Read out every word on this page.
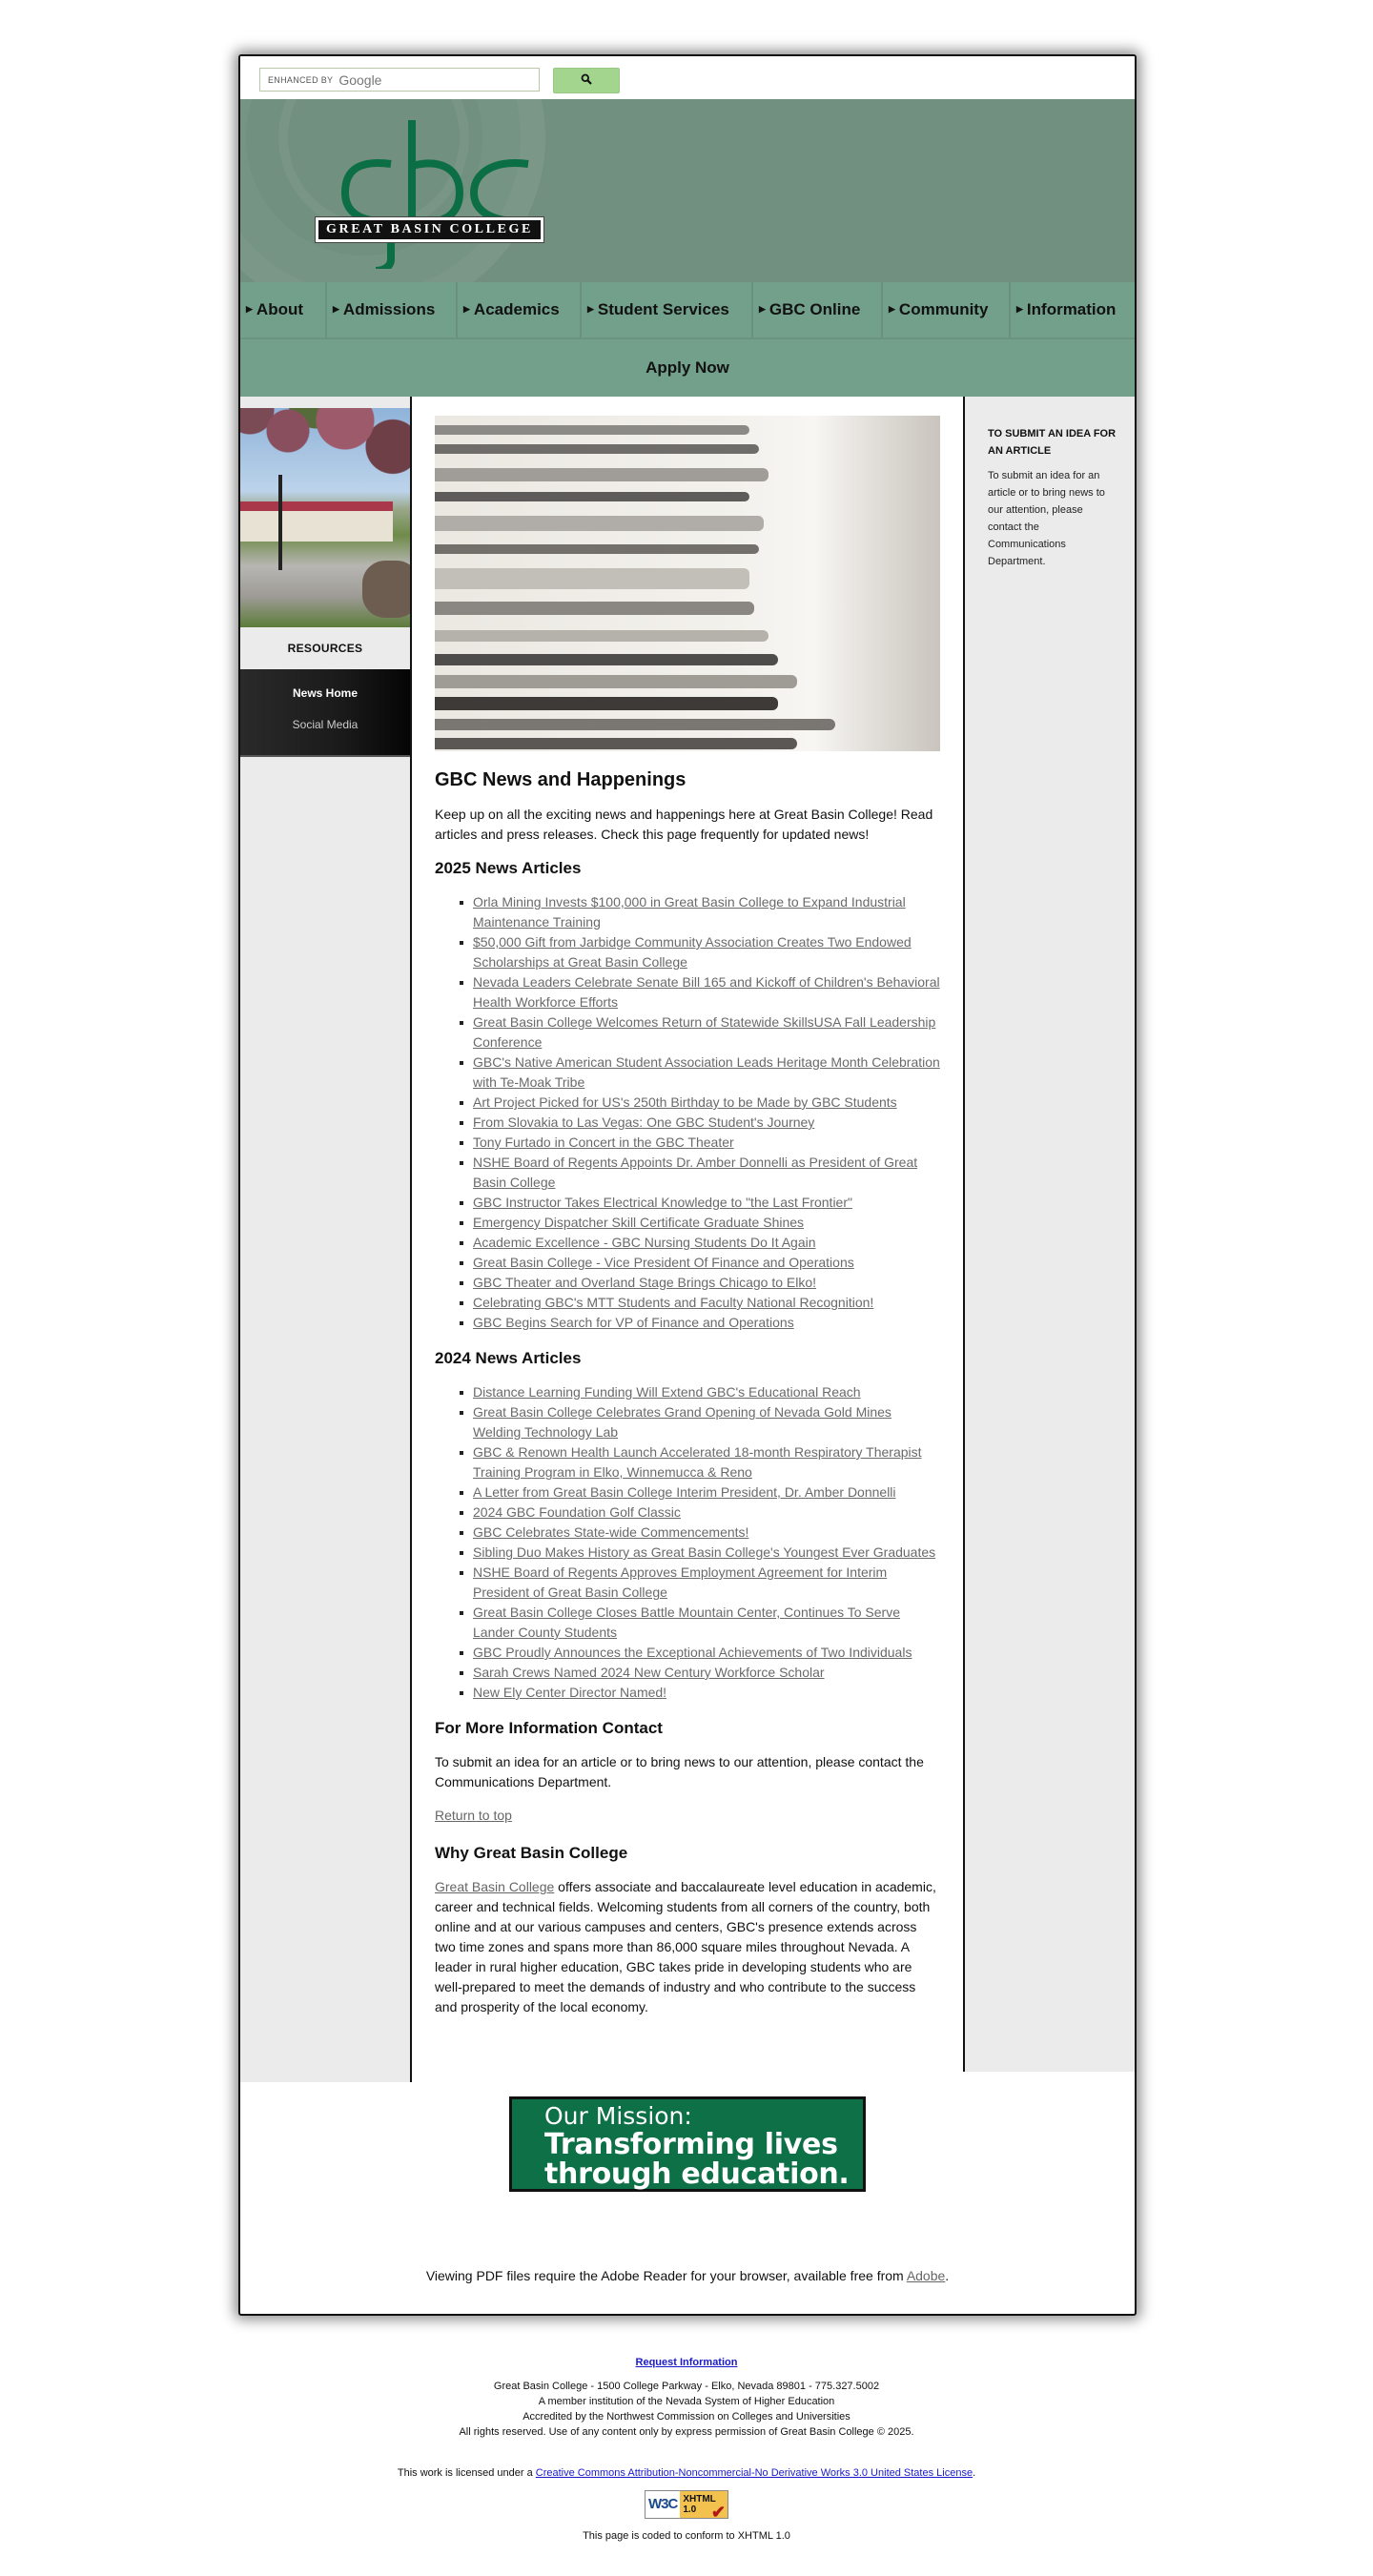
ENHANCED BY Google
GREAT BASIN COLLEGE
▶ About	▶ Admissions	▶ Academics	▶ Student Services	▶ GBC Online	▶ Community	▶ Information
Apply Now
RESOURCES
News Home
Social Media
GBC News and Happenings

Keep up on all the exciting news and happenings here at Great Basin College! Read articles and press releases. Check this page frequently for updated news!

2025 News Articles
Orla Mining Invests $100,000 in Great Basin College to Expand Industrial Maintenance Training
$50,000 Gift from Jarbidge Community Association Creates Two Endowed Scholarships at Great Basin College
Nevada Leaders Celebrate Senate Bill 165 and Kickoff of Children's Behavioral Health Workforce Efforts
Great Basin College Welcomes Return of Statewide SkillsUSA Fall Leadership Conference
GBC's Native American Student Association Leads Heritage Month Celebration with Te-Moak Tribe
Art Project Picked for US's 250th Birthday to be Made by GBC Students
From Slovakia to Las Vegas: One GBC Student's Journey
Tony Furtado in Concert in the GBC Theater
NSHE Board of Regents Appoints Dr. Amber Donnelli as President of Great Basin College
GBC Instructor Takes Electrical Knowledge to "the Last Frontier"
Emergency Dispatcher Skill Certificate Graduate Shines
Academic Excellence - GBC Nursing Students Do It Again
Great Basin College - Vice President Of Finance and Operations
GBC Theater and Overland Stage Brings Chicago to Elko!
Celebrating GBC's MTT Students and Faculty National Recognition!
GBC Begins Search for VP of Finance and Operations
2024 News Articles
Distance Learning Funding Will Extend GBC's Educational Reach
Great Basin College Celebrates Grand Opening of Nevada Gold Mines Welding Technology Lab
GBC & Renown Health Launch Accelerated 18-month Respiratory Therapist Training Program in Elko, Winnemucca & Reno
A Letter from Great Basin College Interim President, Dr. Amber Donnelli
2024 GBC Foundation Golf Classic
GBC Celebrates State-wide Commencements!
Sibling Duo Makes History as Great Basin College's Youngest Ever Graduates
NSHE Board of Regents Approves Employment Agreement for Interim President of Great Basin College
Great Basin College Closes Battle Mountain Center, Continues To Serve Lander County Students
GBC Proudly Announces the Exceptional Achievements of Two Individuals
Sarah Crews Named 2024 New Century Workforce Scholar
New Ely Center Director Named!
For More Information Contact

To submit an idea for an article or to bring news to our attention, please contact the Communications Department.

Return to top
Why Great Basin College

Great Basin College offers associate and baccalaureate level education in academic, career and technical fields. Welcoming students from all corners of the country, both online and at our various campuses and centers, GBC's presence extends across two time zones and spans more than 86,000 square miles throughout Nevada. A leader in rural higher education, GBC takes pride in developing students who are well-prepared to meet the demands of industry and who contribute to the success and prosperity of the local economy.

TO SUBMIT AN IDEA FOR AN ARTICLE

To submit an idea for an article or to bring news to our attention, please contact the Communications Department.

Our Mission:
Transforming lives
through education.
Viewing PDF files require the Adobe Reader for your browser, available free from Adobe.
Request Information
Great Basin College - 1500 College Parkway - Elko, Nevada 89801 - 775.327.5002
A member institution of the Nevada System of Higher Education
Accredited by the Northwest Commission on Colleges and Universities
All rights reserved. Use of any content only by express permission of Great Basin College © 2025.
This work is licensed under a Creative Commons Attribution-Noncommercial-No Derivative Works 3.0 United States License.
W3C XHTML
1.0 ✔
This page is coded to conform to XHTML 1.0
